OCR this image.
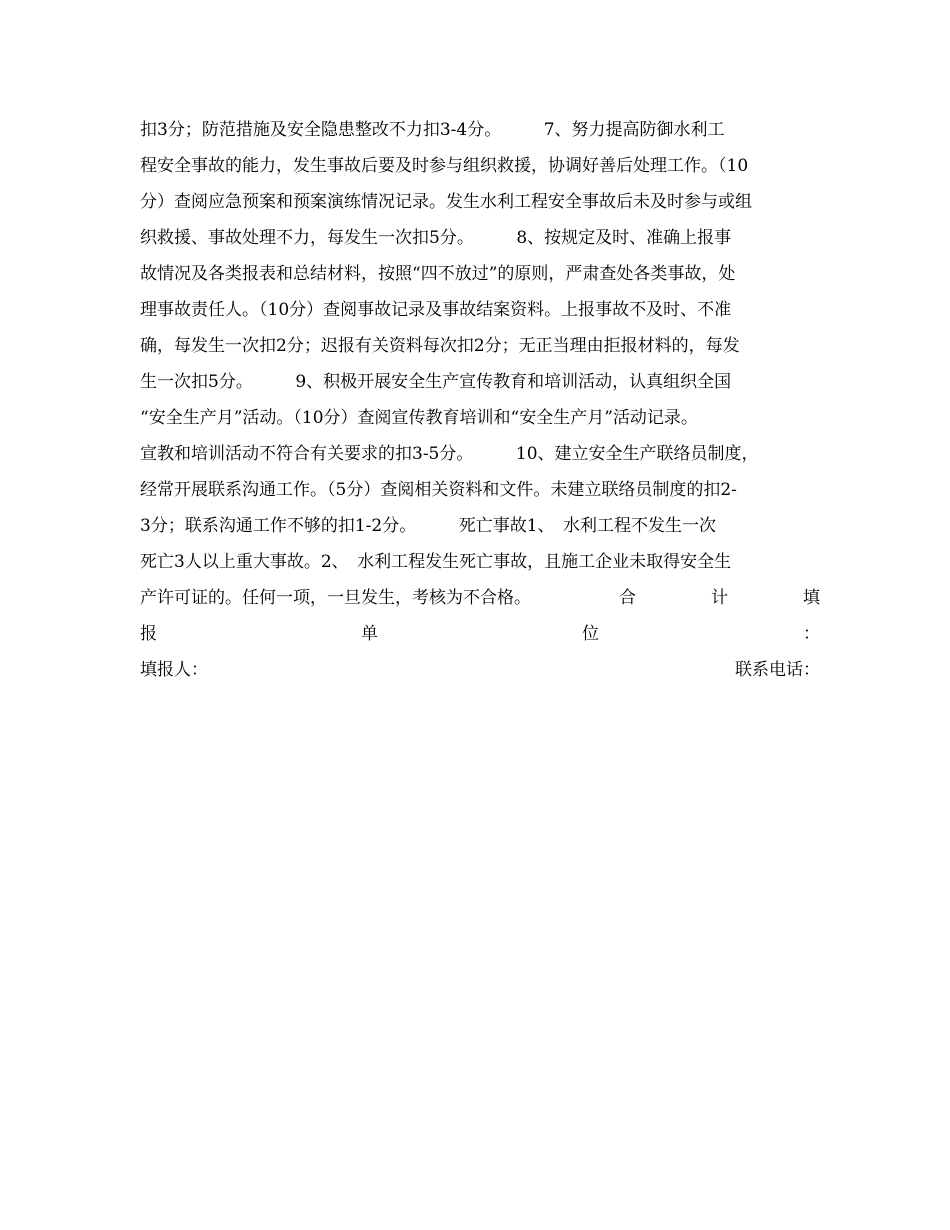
扣3分；防范措施及安全隐患整改不力扣3-4分。　　　7、努力提高防御水利工
程安全事故的能力，发生事故后要及时参与组织救援，协调好善后处理工作。（10
分）查阅应急预案和预案演练情况记录。发生水利工程安全事故后未及时参与或组
织救援、事故处理不力，每发生一次扣5分。　　　8、按规定及时、准确上报事
故情况及各类报表和总结材料，按照“四不放过”的原则，严肃查处各类事故，处
理事故责任人。（10分）查阅事故记录及事故结案资料。上报事故不及时、不准
确，每发生一次扣2分；迟报有关资料每次扣2分；无正当理由拒报材料的，每发
生一次扣5分。　　　9、积极开展安全生产宣传教育和培训活动，认真组织全国
“安全生产月”活动。（10分）查阅宣传教育培训和“安全生产月”活动记录。
宣教和培训活动不符合有关要求的扣3-5分。　　　10、建立安全生产联络员制度，
经常开展联系沟通工作。（5分）查阅相关资料和文件。未建立联络员制度的扣2-
3分；联系沟通工作不够的扣1-2分。　　　死亡事故1、　水利工程不发生一次
死亡3人以上重大事故。2、　水利工程发生死亡事故，且施工企业未取得安全生
产许可证的。任何一项，一旦发生，考核为不合格。	合	计	填
报	单	位	：
填报人：	联系电话：
